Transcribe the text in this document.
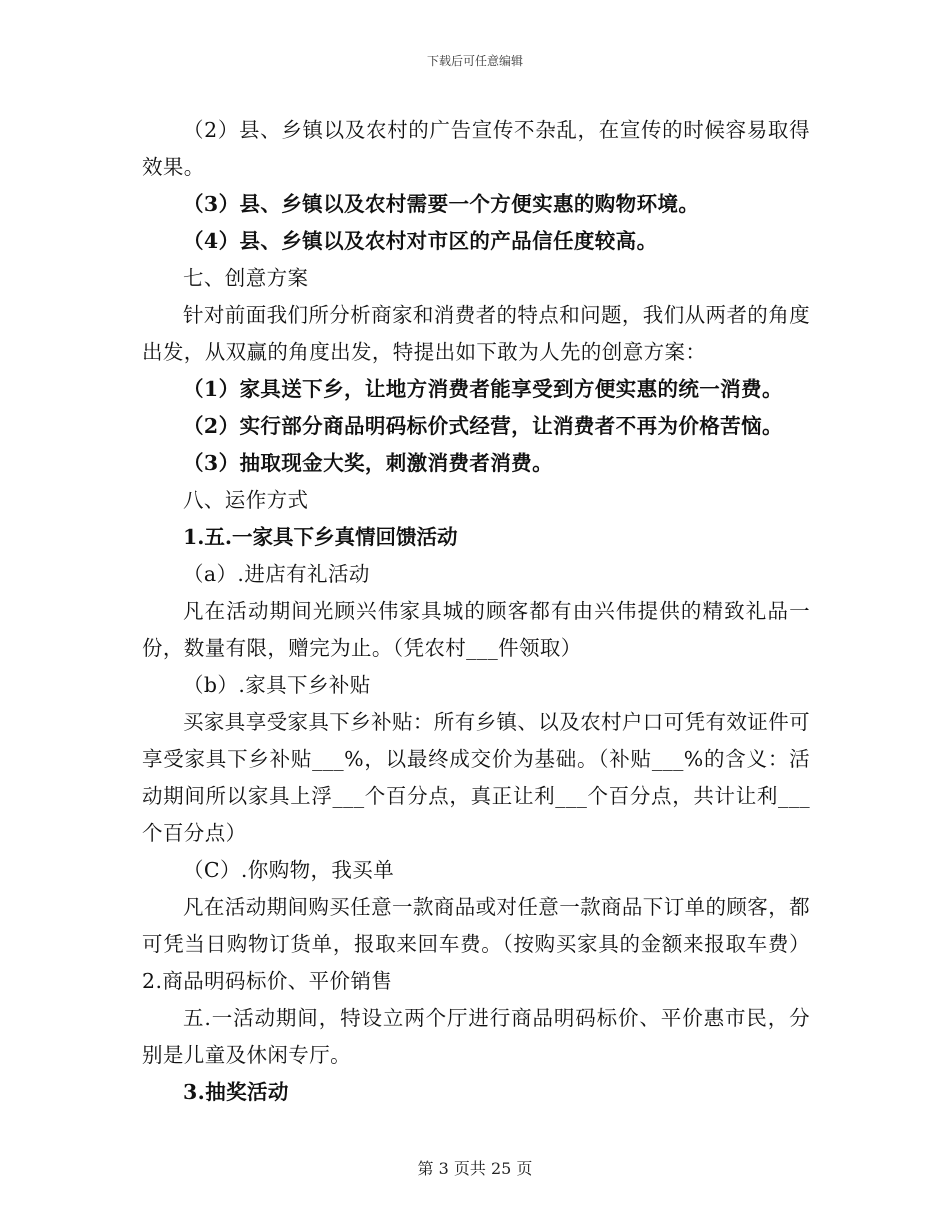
下载后可任意编辑

（2）县、乡镇以及农村的广告宣传不杂乱，在宣传的时候容易取得效果。

（3）县、乡镇以及农村需要一个方便实惠的购物环境。

（4）县、乡镇以及农村对市区的产品信任度较高。

七、创意方案

针对前面我们所分析商家和消费者的特点和问题，我们从两者的角度出发，从双赢的角度出发，特提出如下敢为人先的创意方案：

（1）家具送下乡，让地方消费者能享受到方便实惠的统一消费。

（2）实行部分商品明码标价式经营，让消费者不再为价格苦恼。

（3）抽取现金大奖，刺激消费者消费。

八、运作方式

1.五.一家具下乡真情回馈活动

（a）.进店有礼活动

凡在活动期间光顾兴伟家具城的顾客都有由兴伟提供的精致礼品一份，数量有限，赠完为止。（凭农村___件领取）

（b）.家具下乡补贴

买家具享受家具下乡补贴：所有乡镇、以及农村户口可凭有效证件可享受家具下乡补贴___%，以最终成交价为基础。（补贴___%的含义：活动期间所以家具上浮___个百分点，真正让利___个百分点，共计让利___个百分点）

（C）.你购物，我买单

凡在活动期间购买任意一款商品或对任意一款商品下订单的顾客，都可凭当日购物订货单，报取来回车费。（按购买家具的金额来报取车费）2.商品明码标价、平价销售

五.一活动期间，特设立两个厅进行商品明码标价、平价惠市民，分别是儿童及休闲专厅。

3.抽奖活动

第 3 页共 25 页
